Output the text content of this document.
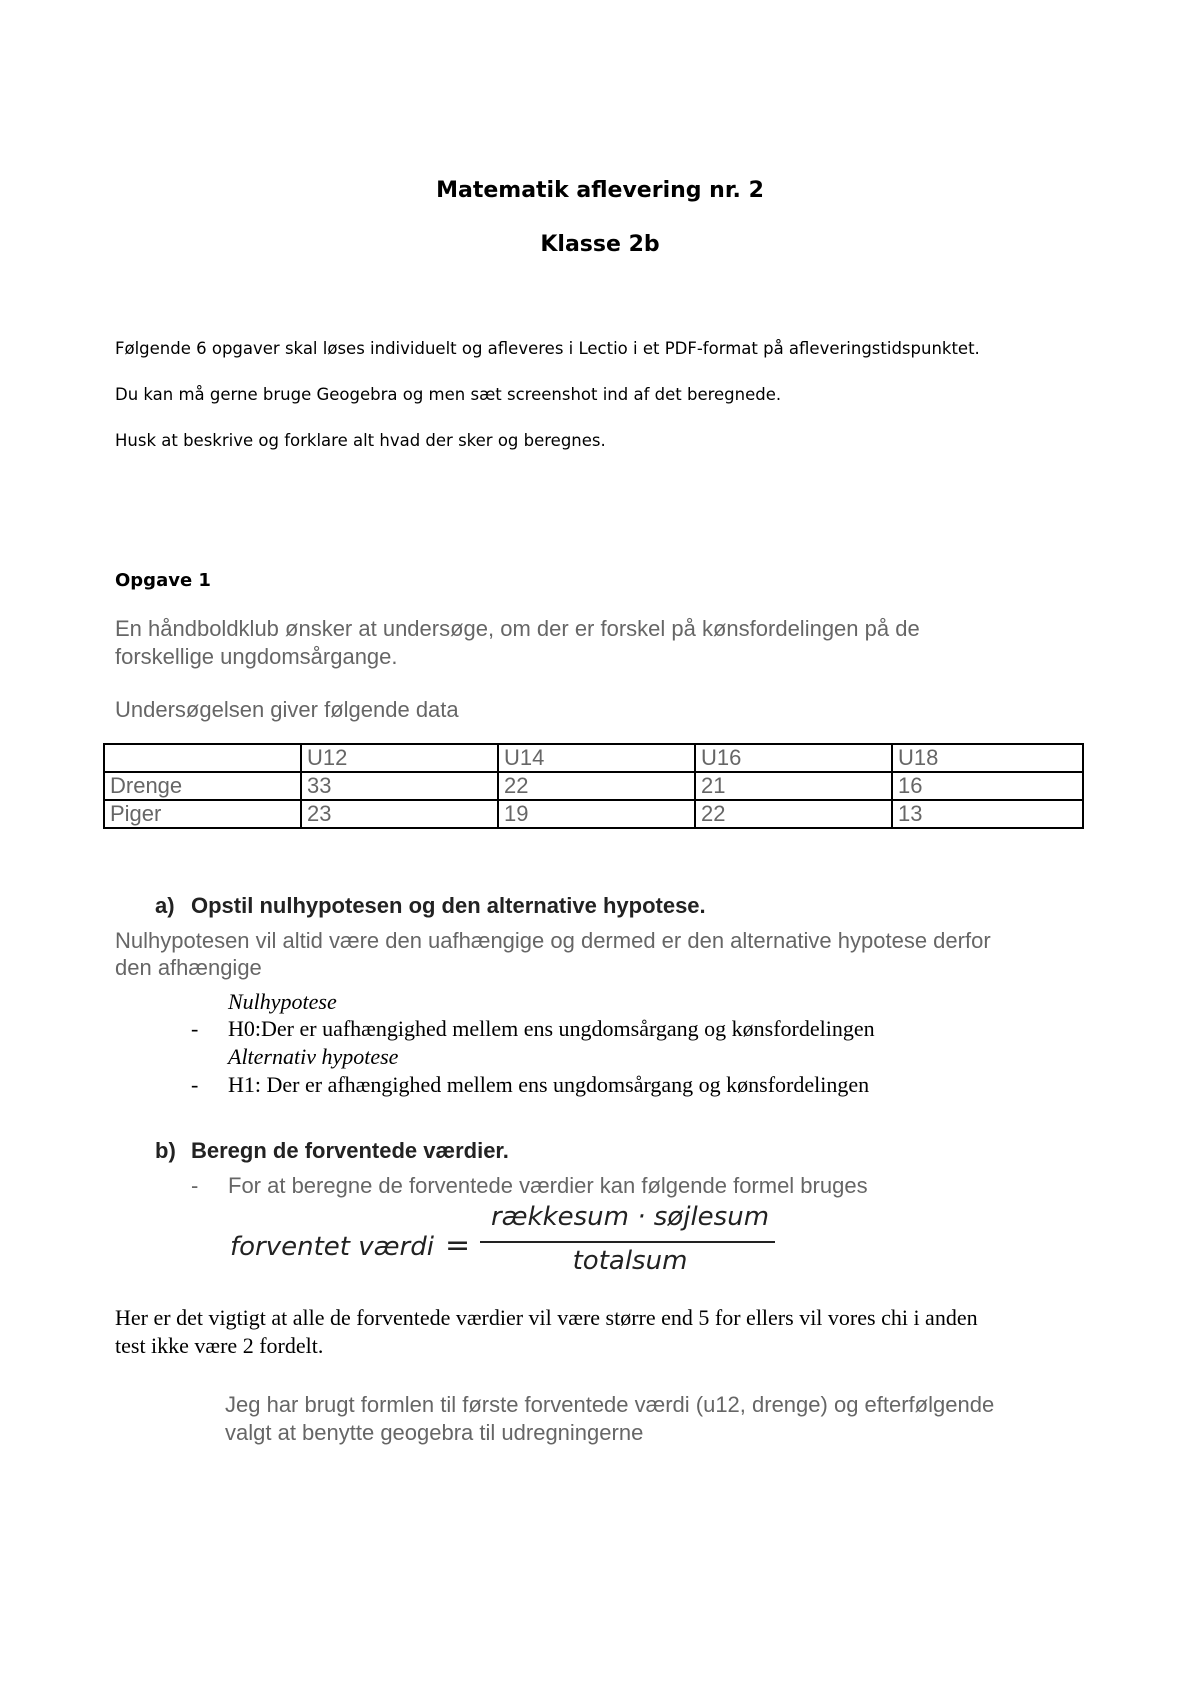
Matematik aflevering nr. 2
Klasse 2b
Følgende 6 opgaver skal løses individuelt og afleveres i Lectio i et PDF-format på afleveringstidspunktet.
Du kan må gerne bruge Geogebra og men sæt screenshot ind af det beregnede.
Husk at beskrive og forklare alt hvad der sker og beregnes.
Opgave 1
En håndboldklub ønsker at undersøge, om der er forskel på kønsfordelingen på de
forskellige ungdomsårgange.
Undersøgelsen giver følgende data
	U12	U14	U16	U18
Drenge	33	22	21	16
Piger	23	19	22	13
a) Opstil nulhypotesen og den alternative hypotese.
Nulhypotesen vil altid være den uafhængige og dermed er den alternative hypotese derfor
den afhængige
Nulhypotese
- H0:Der er uafhængighed mellem ens ungdomsårgang og kønsfordelingen
Alternativ hypotese
- H1: Der er afhængighed mellem ens ungdomsårgang og kønsfordelingen
b) Beregn de forventede værdier.
- For at beregne de forventede værdier kan følgende formel bruges
forventet værdi =
rækkesum · søjlesum
totalsum
Her er det vigtigt at alle de forventede værdier vil være større end 5 for ellers vil vores chi i anden
test ikke være 2 fordelt.
Jeg har brugt formlen til første forventede værdi (u12, drenge) og efterfølgende
valgt at benytte geogebra til udregningerne
